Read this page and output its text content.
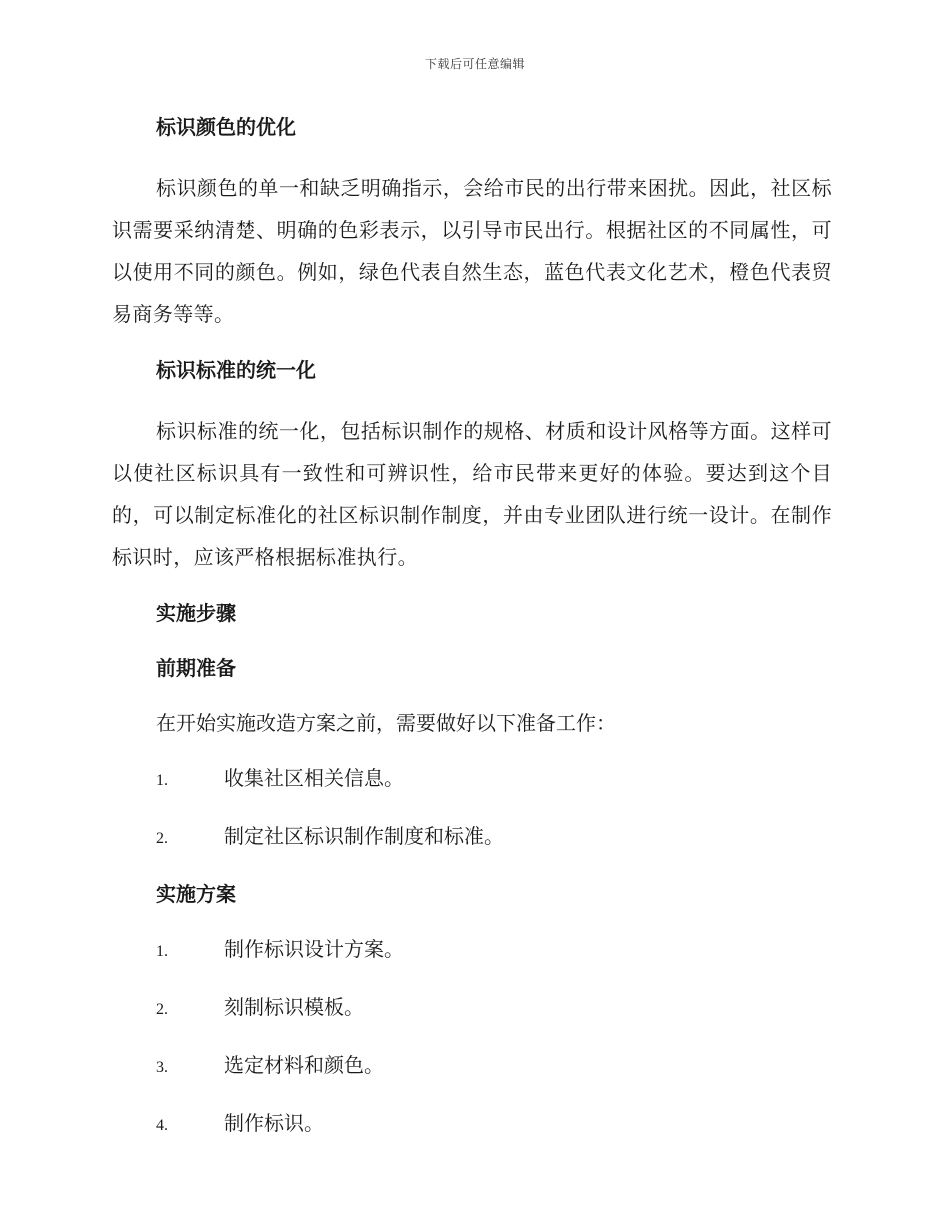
下载后可任意编辑
标识颜色的优化

标识颜色的单一和缺乏明确指示，会给市民的出行带来困扰。因此，社区标识需要采纳清楚、明确的色彩表示，以引导市民出行。根据社区的不同属性，可以使用不同的颜色。例如，绿色代表自然生态，蓝色代表文化艺术，橙色代表贸易商务等等。

标识标准的统一化

标识标准的统一化，包括标识制作的规格、材质和设计风格等方面。这样可以使社区标识具有一致性和可辨识性，给市民带来更好的体验。要达到这个目的，可以制定标准化的社区标识制作制度，并由专业团队进行统一设计。在制作标识时，应该严格根据标准执行。

实施步骤
前期准备
在开始实施改造方案之前，需要做好以下准备工作：
1.	收集社区相关信息。
2.	制定社区标识制作制度和标准。
实施方案
1.	制作标识设计方案。
2.	刻制标识模板。
3.	选定材料和颜色。
4.	制作标识。
